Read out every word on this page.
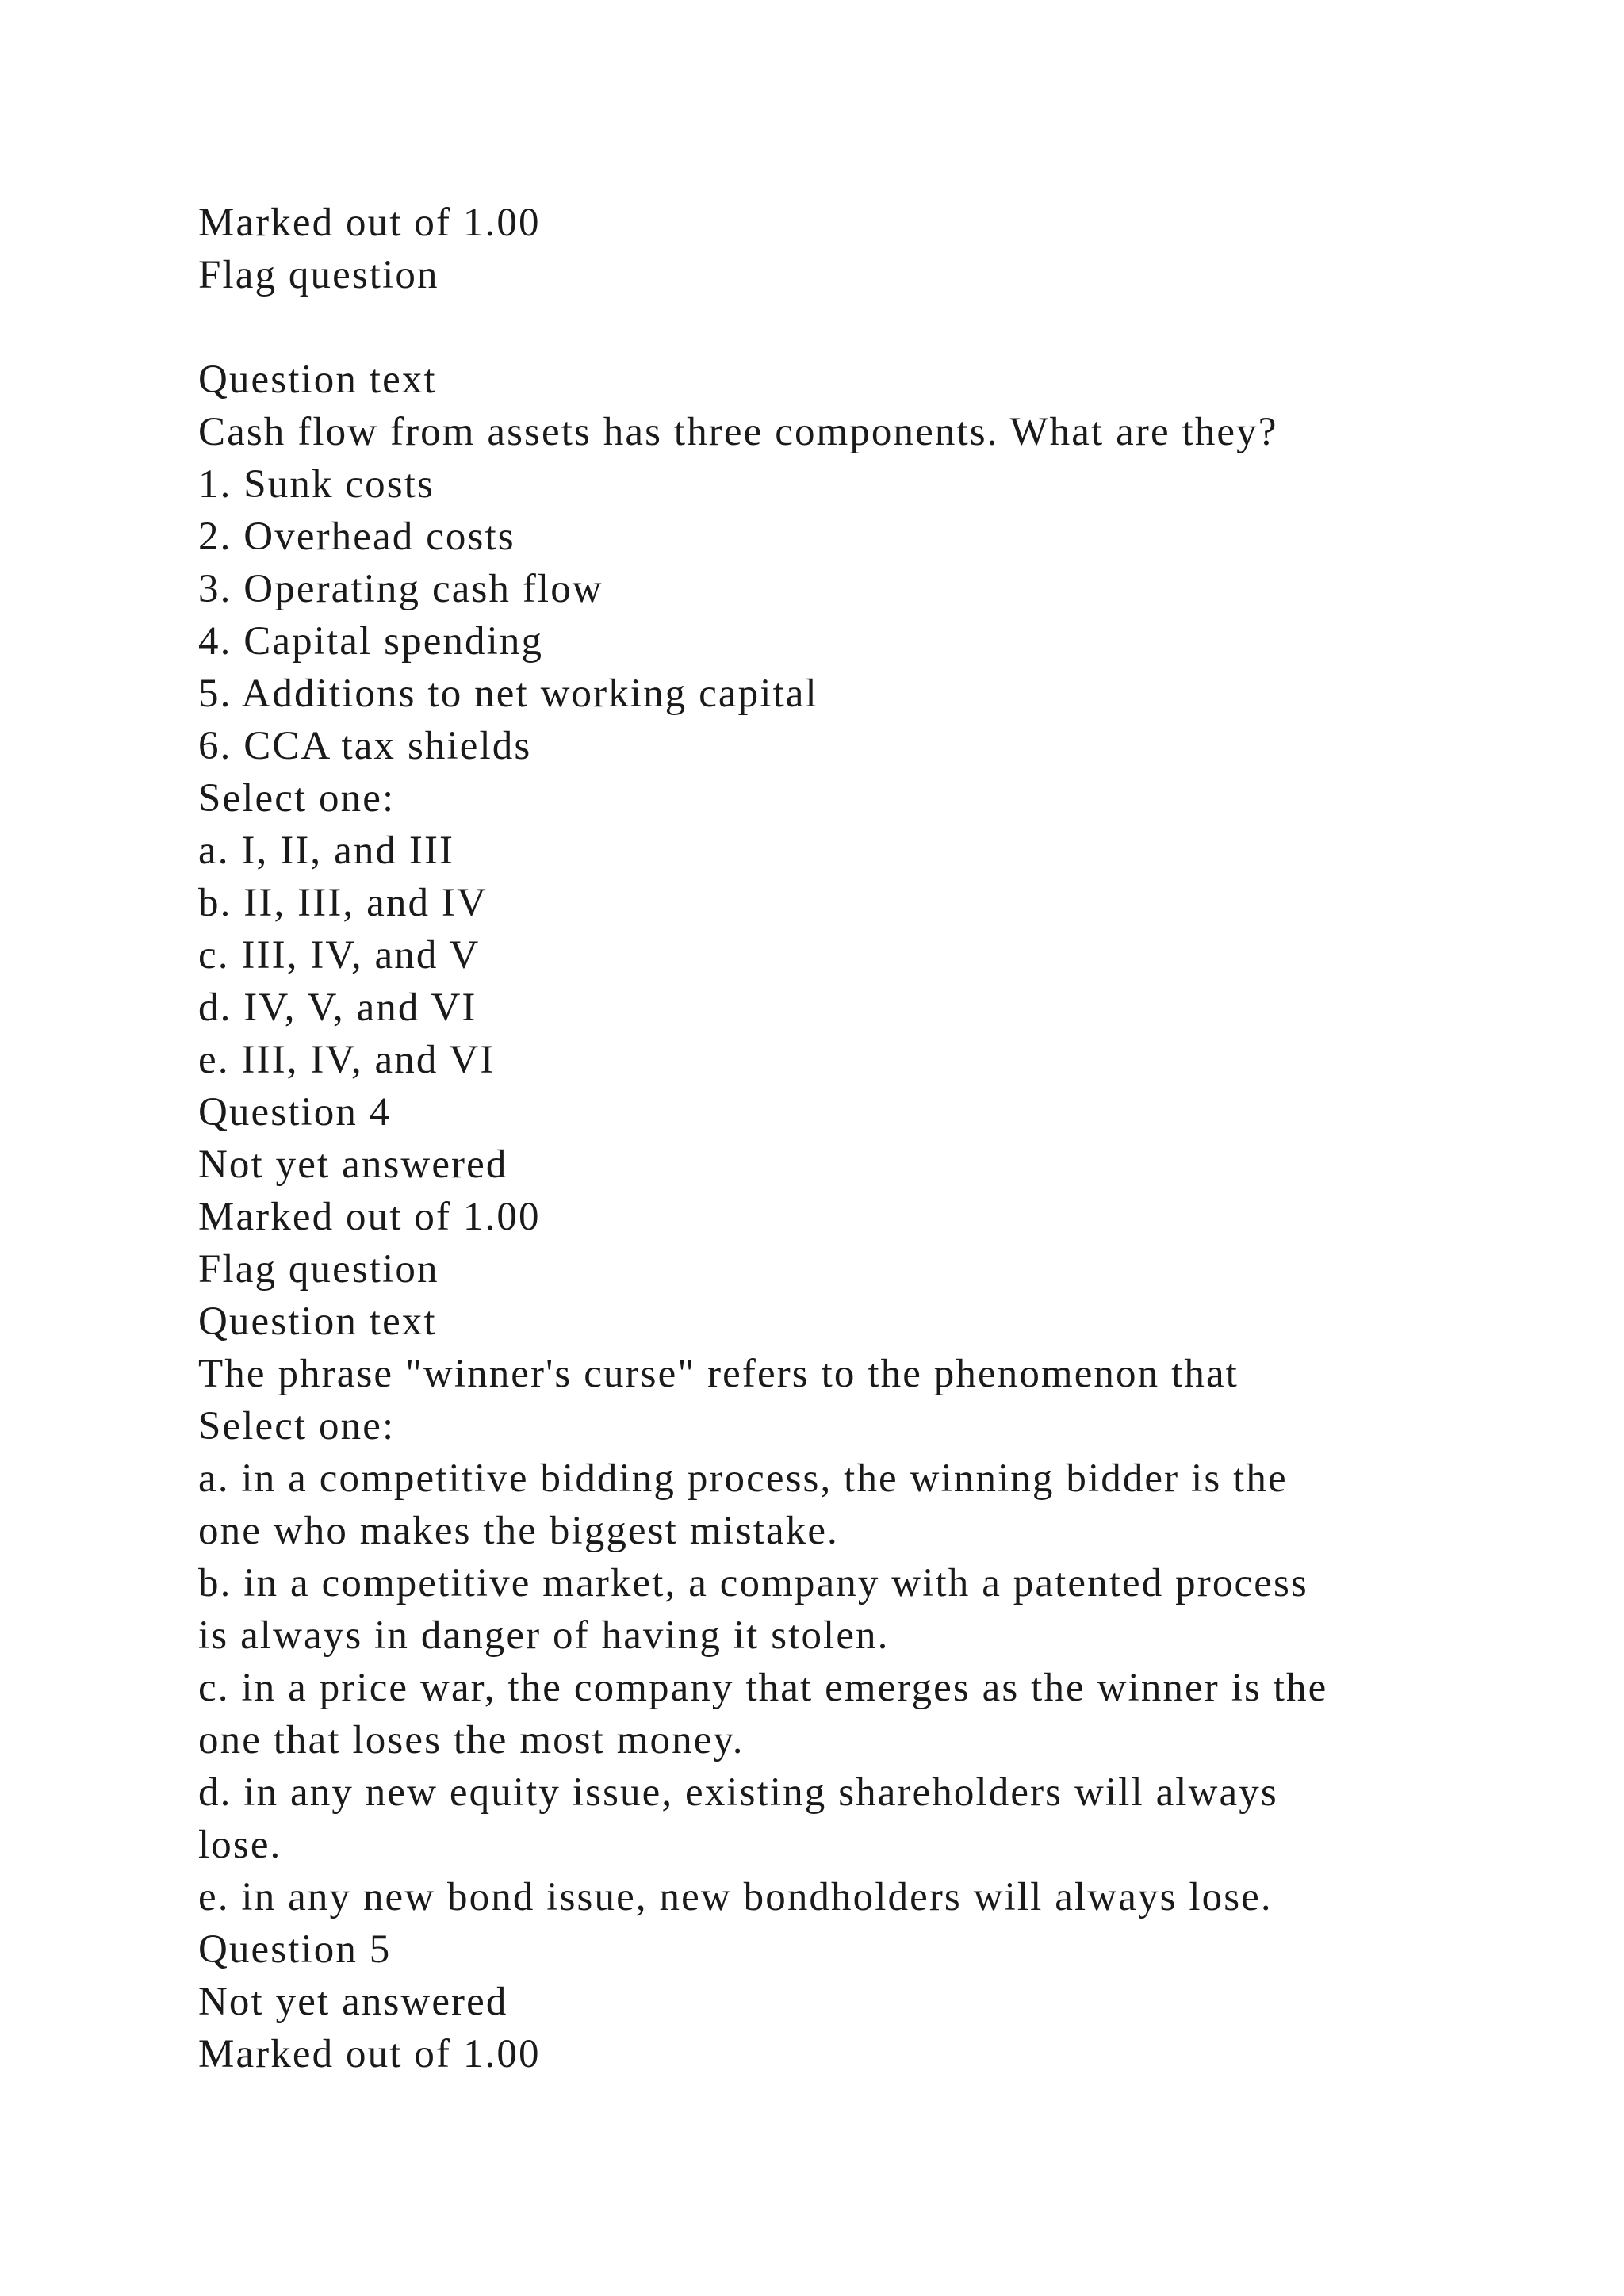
Marked out of 1.00
Flag question
Question text
Cash flow from assets has three components. What are they?
1. Sunk costs
2. Overhead costs
3. Operating cash flow
4. Capital spending
5. Additions to net working capital
6. CCA tax shields
Select one:
a. I, II, and III
b. II, III, and IV
c. III, IV, and V
d. IV, V, and VI
e. III, IV, and VI
Question 4
Not yet answered
Marked out of 1.00
Flag question
Question text
The phrase "winner's curse" refers to the phenomenon that
Select one:
a. in a competitive bidding process, the winning bidder is the
one who makes the biggest mistake.
b. in a competitive market, a company with a patented process
is always in danger of having it stolen.
c. in a price war, the company that emerges as the winner is the
one that loses the most money.
d. in any new equity issue, existing shareholders will always
lose.
e. in any new bond issue, new bondholders will always lose.
Question 5
Not yet answered
Marked out of 1.00
